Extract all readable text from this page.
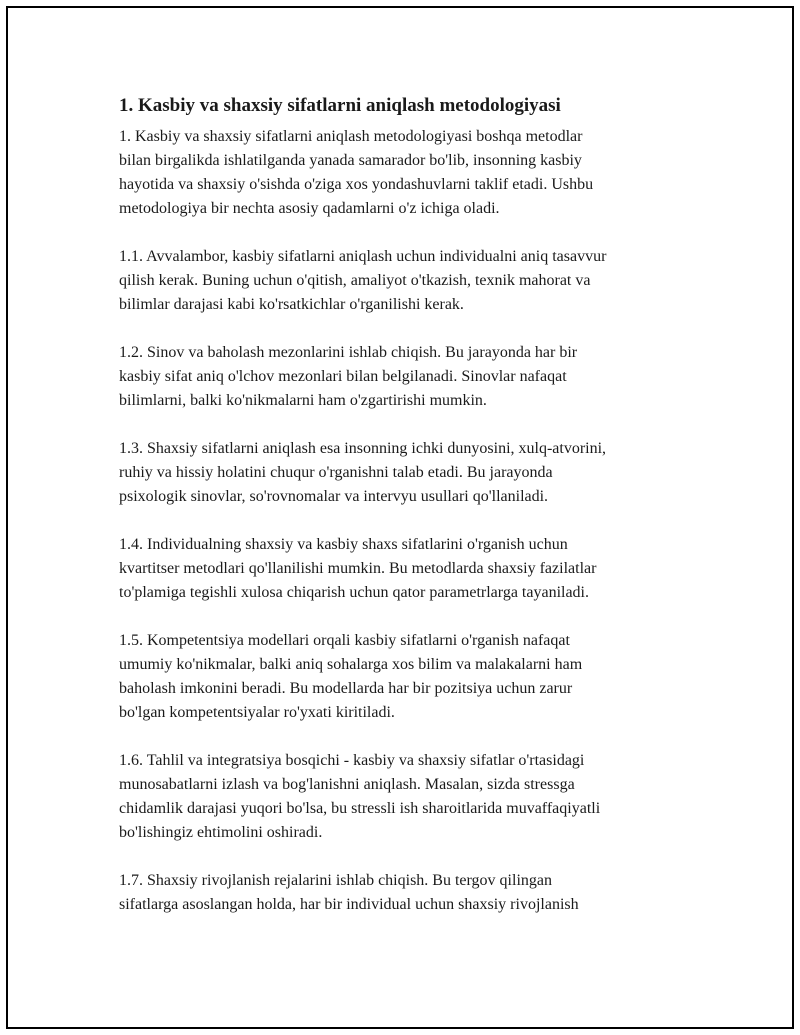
1. Kasbiy va shaxsiy sifatlarni aniqlash metodologiyasi

1. Kasbiy va shaxsiy sifatlarni aniqlash metodologiyasi boshqa metodlar
bilan birgalikda ishlatilganda yanada samarador bo'lib, insonning kasbiy
hayotida va shaxsiy o'sishda o'ziga xos yondashuvlarni taklif etadi. Ushbu
metodologiya bir nechta asosiy qadamlarni o'z ichiga oladi.

1.1. Avvalambor, kasbiy sifatlarni aniqlash uchun individualni aniq tasavvur
qilish kerak. Buning uchun o'qitish, amaliyot o'tkazish, texnik mahorat va
bilimlar darajasi kabi ko'rsatkichlar o'rganilishi kerak.

1.2. Sinov va baholash mezonlarini ishlab chiqish. Bu jarayonda har bir
kasbiy sifat aniq o'lchov mezonlari bilan belgilanadi. Sinovlar nafaqat
bilimlarni, balki ko'nikmalarni ham o'zgartirishi mumkin.

1.3. Shaxsiy sifatlarni aniqlash esa insonning ichki dunyosini, xulq-atvorini,
ruhiy va hissiy holatini chuqur o'rganishni talab etadi. Bu jarayonda
psixologik sinovlar, so'rovnomalar va intervyu usullari qo'llaniladi.

1.4. Individualning shaxsiy va kasbiy shaxs sifatlarini o'rganish uchun
kvartitser metodlari qo'llanilishi mumkin. Bu metodlarda shaxsiy fazilatlar
to'plamiga tegishli xulosa chiqarish uchun qator parametrlarga tayaniladi.

1.5. Kompetentsiya modellari orqali kasbiy sifatlarni o'rganish nafaqat
umumiy ko'nikmalar, balki aniq sohalarga xos bilim va malakalarni ham
baholash imkonini beradi. Bu modellarda har bir pozitsiya uchun zarur
bo'lgan kompetentsiyalar ro'yxati kiritiladi.

1.6. Tahlil va integratsiya bosqichi - kasbiy va shaxsiy sifatlar o'rtasidagi
munosabatlarni izlash va bog'lanishni aniqlash. Masalan, sizda stressga
chidamlik darajasi yuqori bo'lsa, bu stressli ish sharoitlarida muvaffaqiyatli
bo'lishingiz ehtimolini oshiradi.

1.7. Shaxsiy rivojlanish rejalarini ishlab chiqish. Bu tergov qilingan
sifatlarga asoslangan holda, har bir individual uchun shaxsiy rivojlanish
